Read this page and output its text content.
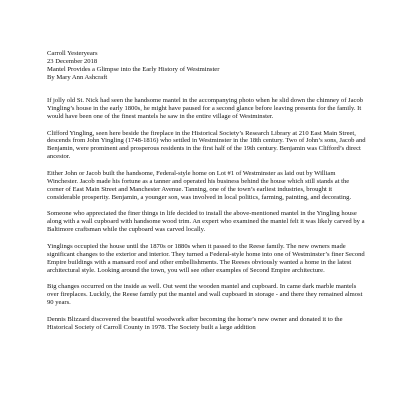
Carroll Yesteryears
23 December 2018
Mantel Provides a Glimpse into the Early History of Westminster
By Mary Ann Ashcraft

If jolly old St. Nick had seen the handsome mantel in the accompanying photo when he slid down the chimney of Jacob Yingling’s house in the early 1800s, he might have paused for a second glance before leaving presents for the family. It would have been one of the finest mantels he saw in the entire village of Westminster.

Clifford Yingling, seen here beside the fireplace in the Historical Society’s Research Library at 210 East Main Street, descends from John Yingling (1748-1816) who settled in Westminster in the 18th century. Two of John’s sons, Jacob and Benjamin, were prominent and prosperous residents in the first half of the 19th century. Benjamin was Clifford’s direct ancestor.

Either John or Jacob built the handsome, Federal-style home on Lot #1 of Westminster as laid out by William Winchester. Jacob made his fortune as a tanner and operated his business behind the house which still stands at the corner of East Main Street and Manchester Avenue. Tanning, one of the town’s earliest industries, brought it considerable prosperity. Benjamin, a younger son, was involved in local politics, farming, painting, and decorating.

Someone who appreciated the finer things in life decided to install the above-mentioned mantel in the Yingling house along with a wall cupboard with handsome wood trim. An expert who examined the mantel felt it was likely carved by a Baltimore craftsman while the cupboard was carved locally.

Yinglings occupied the house until the 1870s or 1880s when it passed to the Reese family. The new owners made significant changes to the exterior and interior. They turned a Federal-style home into one of Westminster’s finer Second Empire buildings with a mansard roof and other embellishments. The Reeses obviously wanted a home in the latest architectural style. Looking around the town, you will see other examples of Second Empire architecture.

Big changes occurred on the inside as well. Out went the wooden mantel and cupboard. In came dark marble mantels over fireplaces. Luckily, the Reese family put the mantel and wall cupboard in storage - and there they remained almost 90 years.

Dennis Blizzard discovered the beautiful woodwork after becoming the home’s new owner and donated it to the Historical Society of Carroll County in 1978. The Society built a large addition
